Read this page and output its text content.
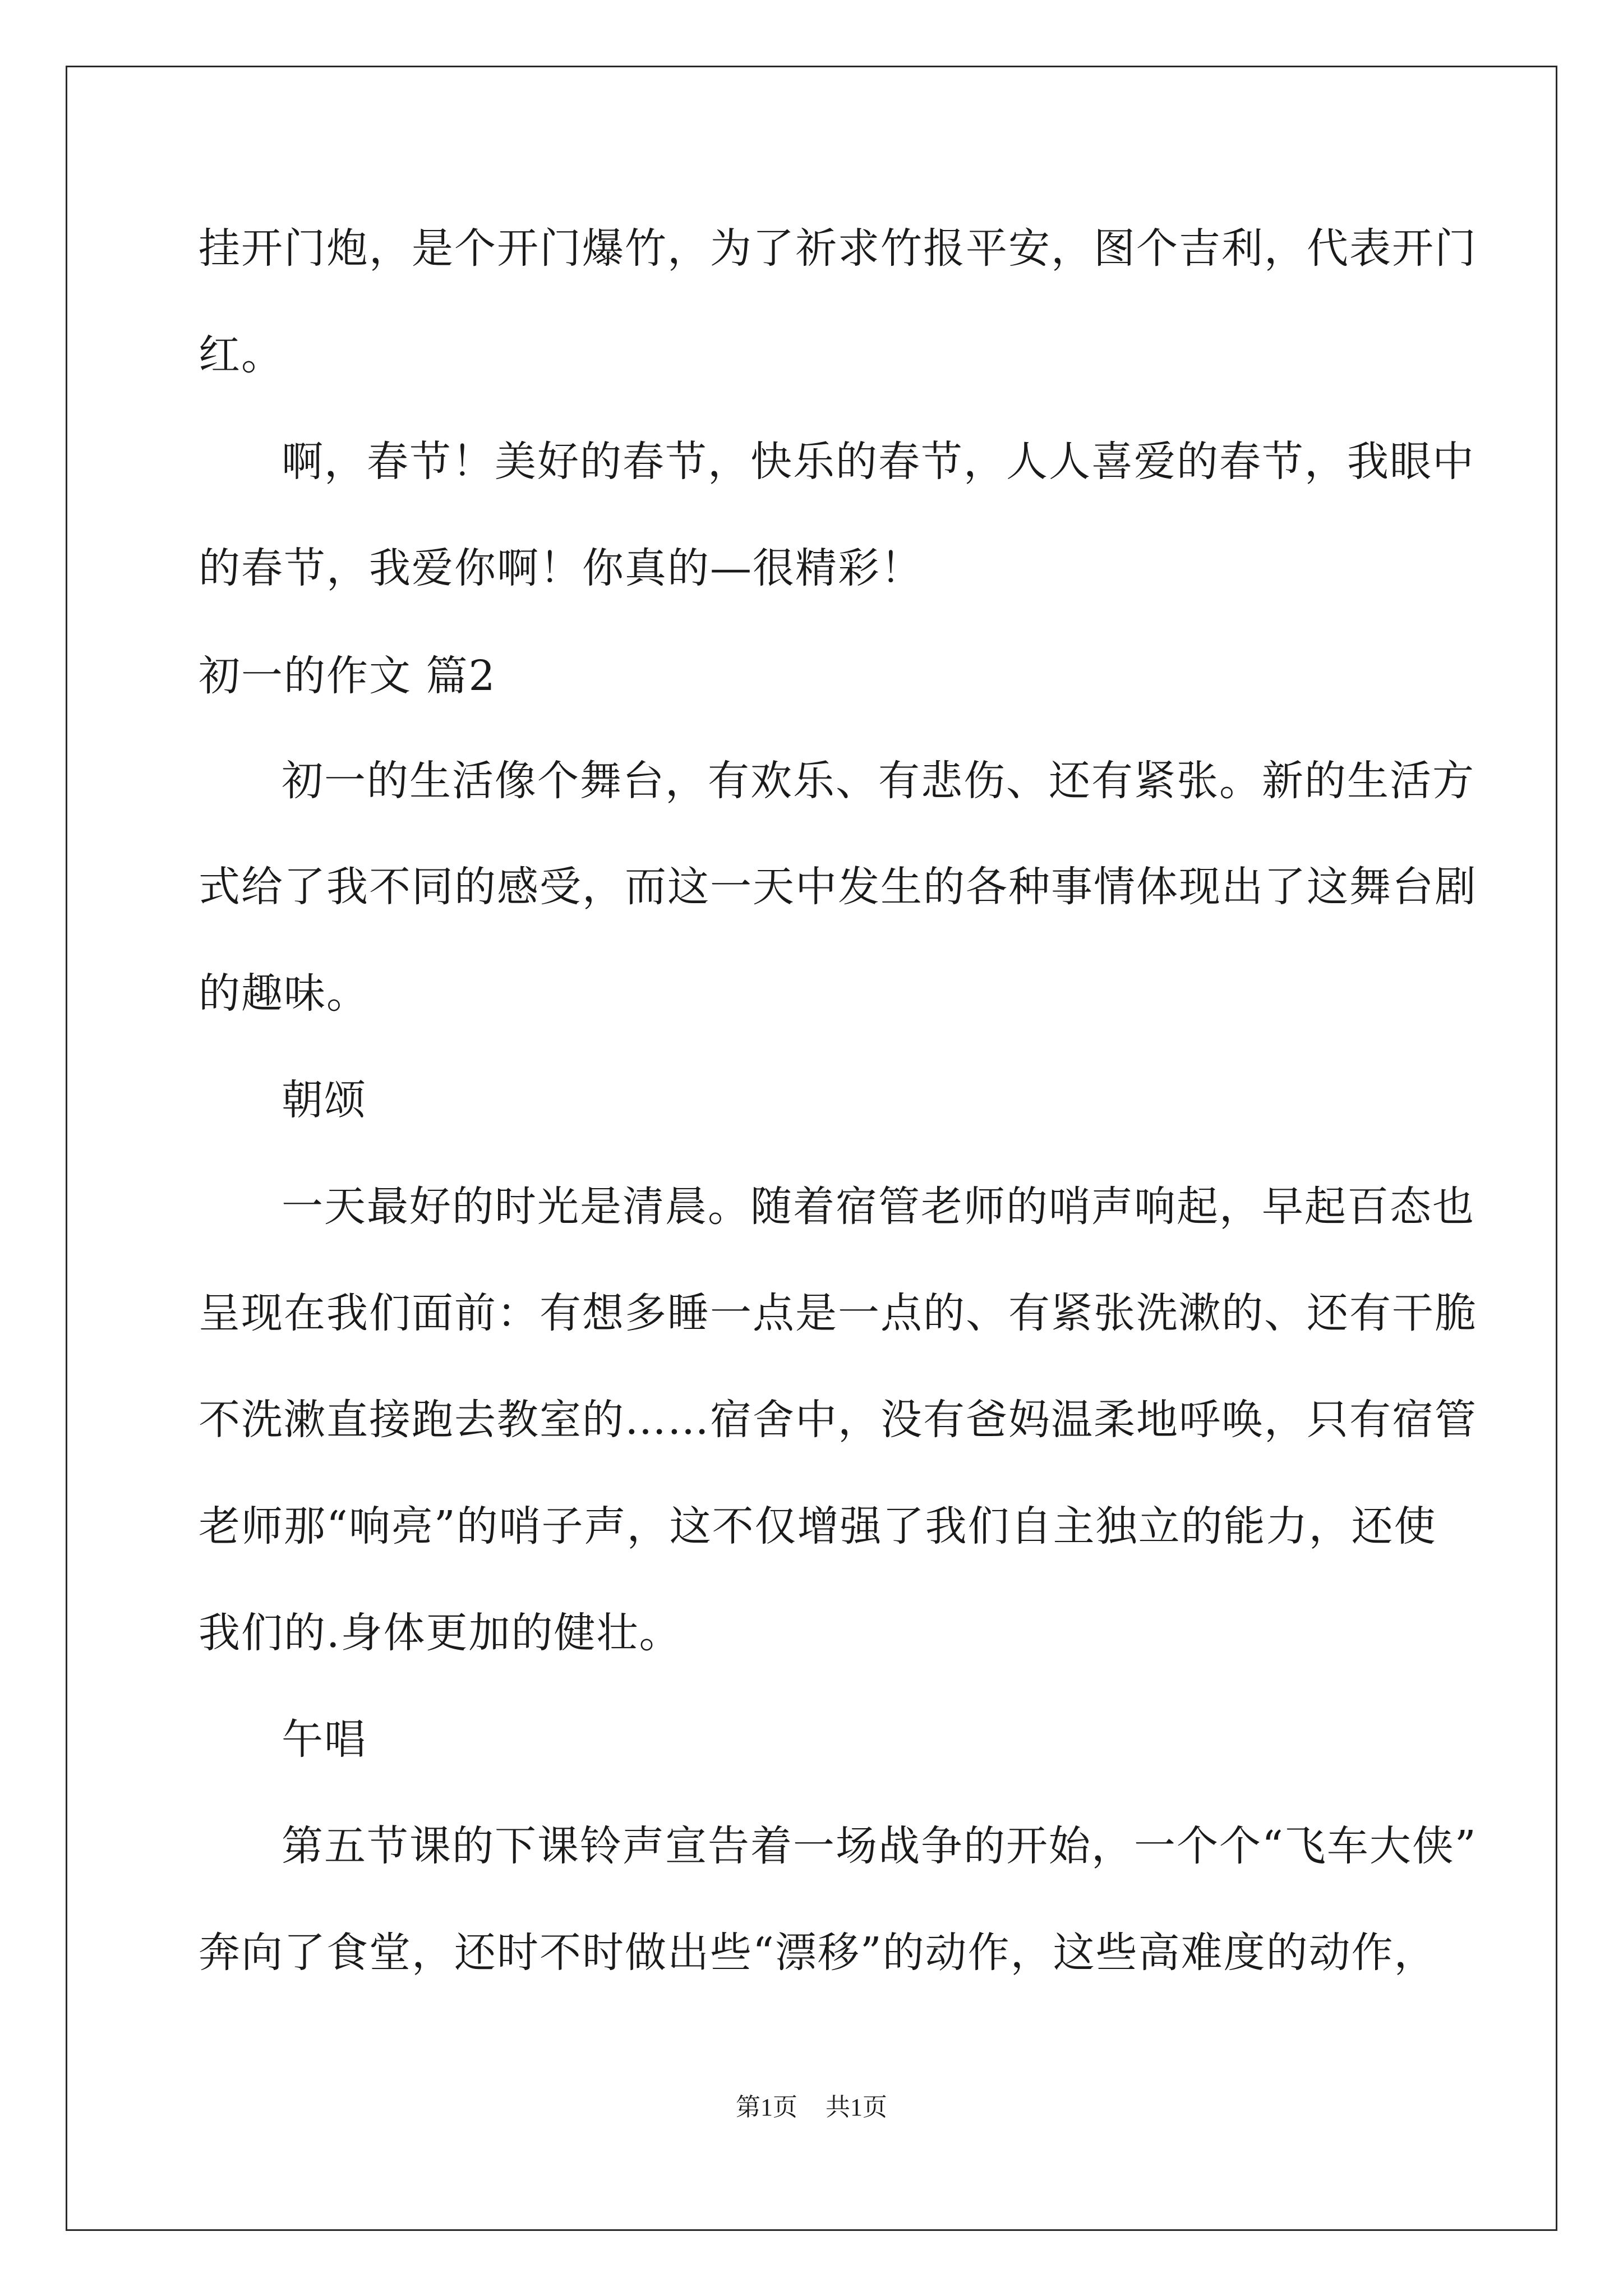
挂开门炮，是个开门爆竹，为了祈求竹报平安，图个吉利，代表开门
红。
啊，春节！美好的春节，快乐的春节，人人喜爱的春节，我眼中
的春节，我爱你啊！你真的—很精彩！
初一的作文 篇2
初一的生活像个舞台，有欢乐、有悲伤、还有紧张。新的生活方
式给了我不同的感受，而这一天中发生的各种事情体现出了这舞台剧
的趣味。
朝颂
一天最好的时光是清晨。随着宿管老师的哨声响起，早起百态也
呈现在我们面前：有想多睡一点是一点的、有紧张洗漱的、还有干脆
不洗漱直接跑去教室的……宿舍中，没有爸妈温柔地呼唤，只有宿管
老师那“响亮”的哨子声，这不仅增强了我们自主独立的能力，还使
我们的.身体更加的健壮。
午唱
第五节课的下课铃声宣告着一场战争的开始，一个个“飞车大侠”
奔向了食堂，还时不时做出些“漂移”的动作，这些高难度的动作，
第1页 共1页
